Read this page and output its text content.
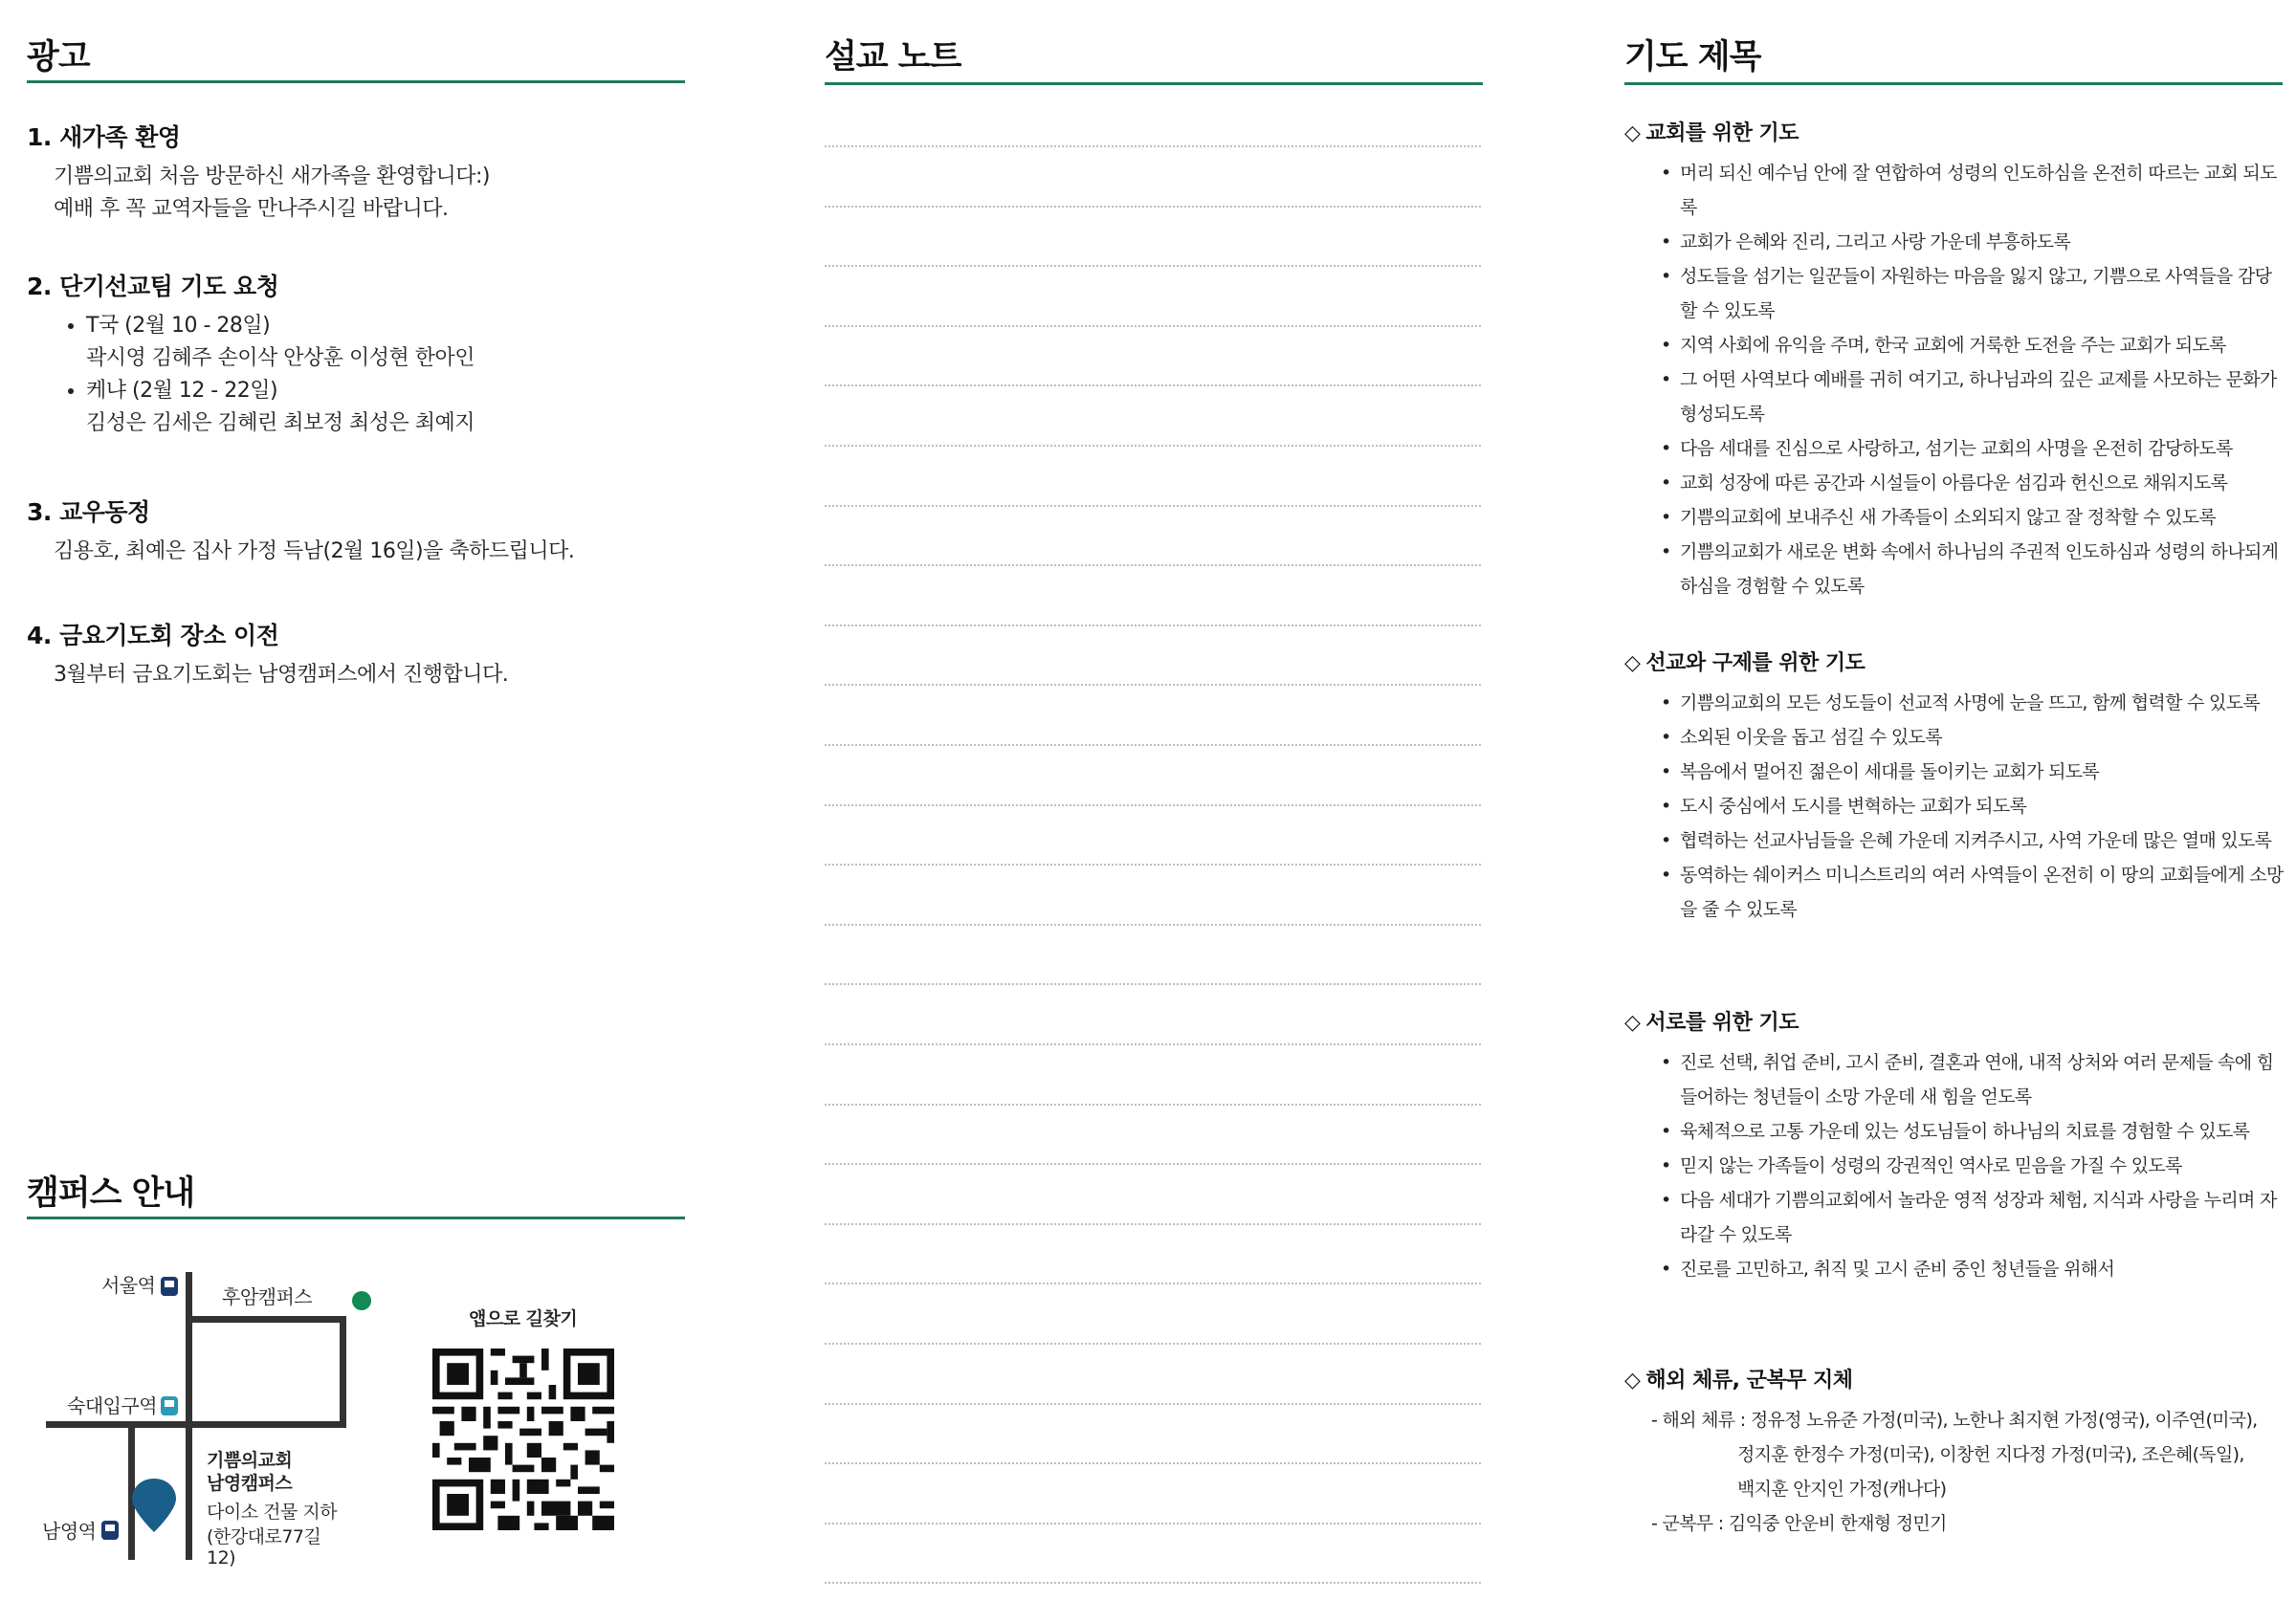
광고
1. 새가족 환영
기쁨의교회 처음 방문하신 새가족을 환영합니다:)
예배 후 꼭 교역자들을 만나주시길 바랍니다.
2. 단기선교팀 기도 요청
• T국 (2월 10 - 28일)
곽시영 김혜주 손이삭 안상훈 이성현 한아인
• 케냐 (2월 12 - 22일)
김성은 김세은 김혜린 최보정 최성은 최예지
3. 교우동정
김용호, 최예은 집사 가정 득남(2월 16일)을 축하드립니다.
4. 금요기도회 장소 이전
3월부터 금요기도회는 남영캠퍼스에서 진행합니다.
캠퍼스 안내
서울역	후암캠퍼스
숙대입구역
남영역
기쁨의교회
남영캠퍼스
다이소 건물 지하
(한강대로77길
12)
앱으로 길찾기
설교 노트	기도 제목
◇ 교회를 위한 기도
• 머리 되신 예수님 안에 잘 연합하여 성령의 인도하심을 온전히 따르는 교회 되도록
• 교회가 은혜와 진리, 그리고 사랑 가운데 부흥하도록
• 성도들을 섬기는 일꾼들이 자원하는 마음을 잃지 않고, 기쁨으로 사역들을 감당할 수 있도록
• 지역 사회에 유익을 주며, 한국 교회에 거룩한 도전을 주는 교회가 되도록
• 그 어떤 사역보다 예배를 귀히 여기고, 하나님과의 깊은 교제를 사모하는 문화가 형성되도록
• 다음 세대를 진심으로 사랑하고, 섬기는 교회의 사명을 온전히 감당하도록
• 교회 성장에 따른 공간과 시설들이 아름다운 섬김과 헌신으로 채워지도록
• 기쁨의교회에 보내주신 새 가족들이 소외되지 않고 잘 정착할 수 있도록
• 기쁨의교회가 새로운 변화 속에서 하나님의 주권적 인도하심과 성령의 하나되게 하심을 경험할 수 있도록
◇ 선교와 구제를 위한 기도
• 기쁨의교회의 모든 성도들이 선교적 사명에 눈을 뜨고, 함께 협력할 수 있도록
• 소외된 이웃을 돕고 섬길 수 있도록
• 복음에서 멀어진 젊은이 세대를 돌이키는 교회가 되도록
• 도시 중심에서 도시를 변혁하는 교회가 되도록
• 협력하는 선교사님들을 은혜 가운데 지켜주시고, 사역 가운데 많은 열매 있도록
• 동역하는 쉐이커스 미니스트리의 여러 사역들이 온전히 이 땅의 교회들에게 소망을 줄 수 있도록
◇ 서로를 위한 기도
• 진로 선택, 취업 준비, 고시 준비, 결혼과 연애, 내적 상처와 여러 문제들 속에 힘들어하는 청년들이 소망 가운데 새 힘을 얻도록
• 육체적으로 고통 가운데 있는 성도님들이 하나님의 치료를 경험할 수 있도록
• 믿지 않는 가족들이 성령의 강권적인 역사로 믿음을 가질 수 있도록
• 다음 세대가 기쁨의교회에서 놀라운 영적 성장과 체험, 지식과 사랑을 누리며 자라갈 수 있도록
• 진로를 고민하고, 취직 및 고시 준비 중인 청년들을 위해서
◇ 해외 체류, 군복무 지체
- 해외 체류 : 정유정 노유준 가정(미국), 노한나 최지현 가정(영국), 이주연(미국),
정지훈 한정수 가정(미국), 이창헌 지다정 가정(미국), 조은혜(독일),
백지훈 안지인 가정(캐나다)
- 군복무 : 김익중 안운비 한재형 정민기
